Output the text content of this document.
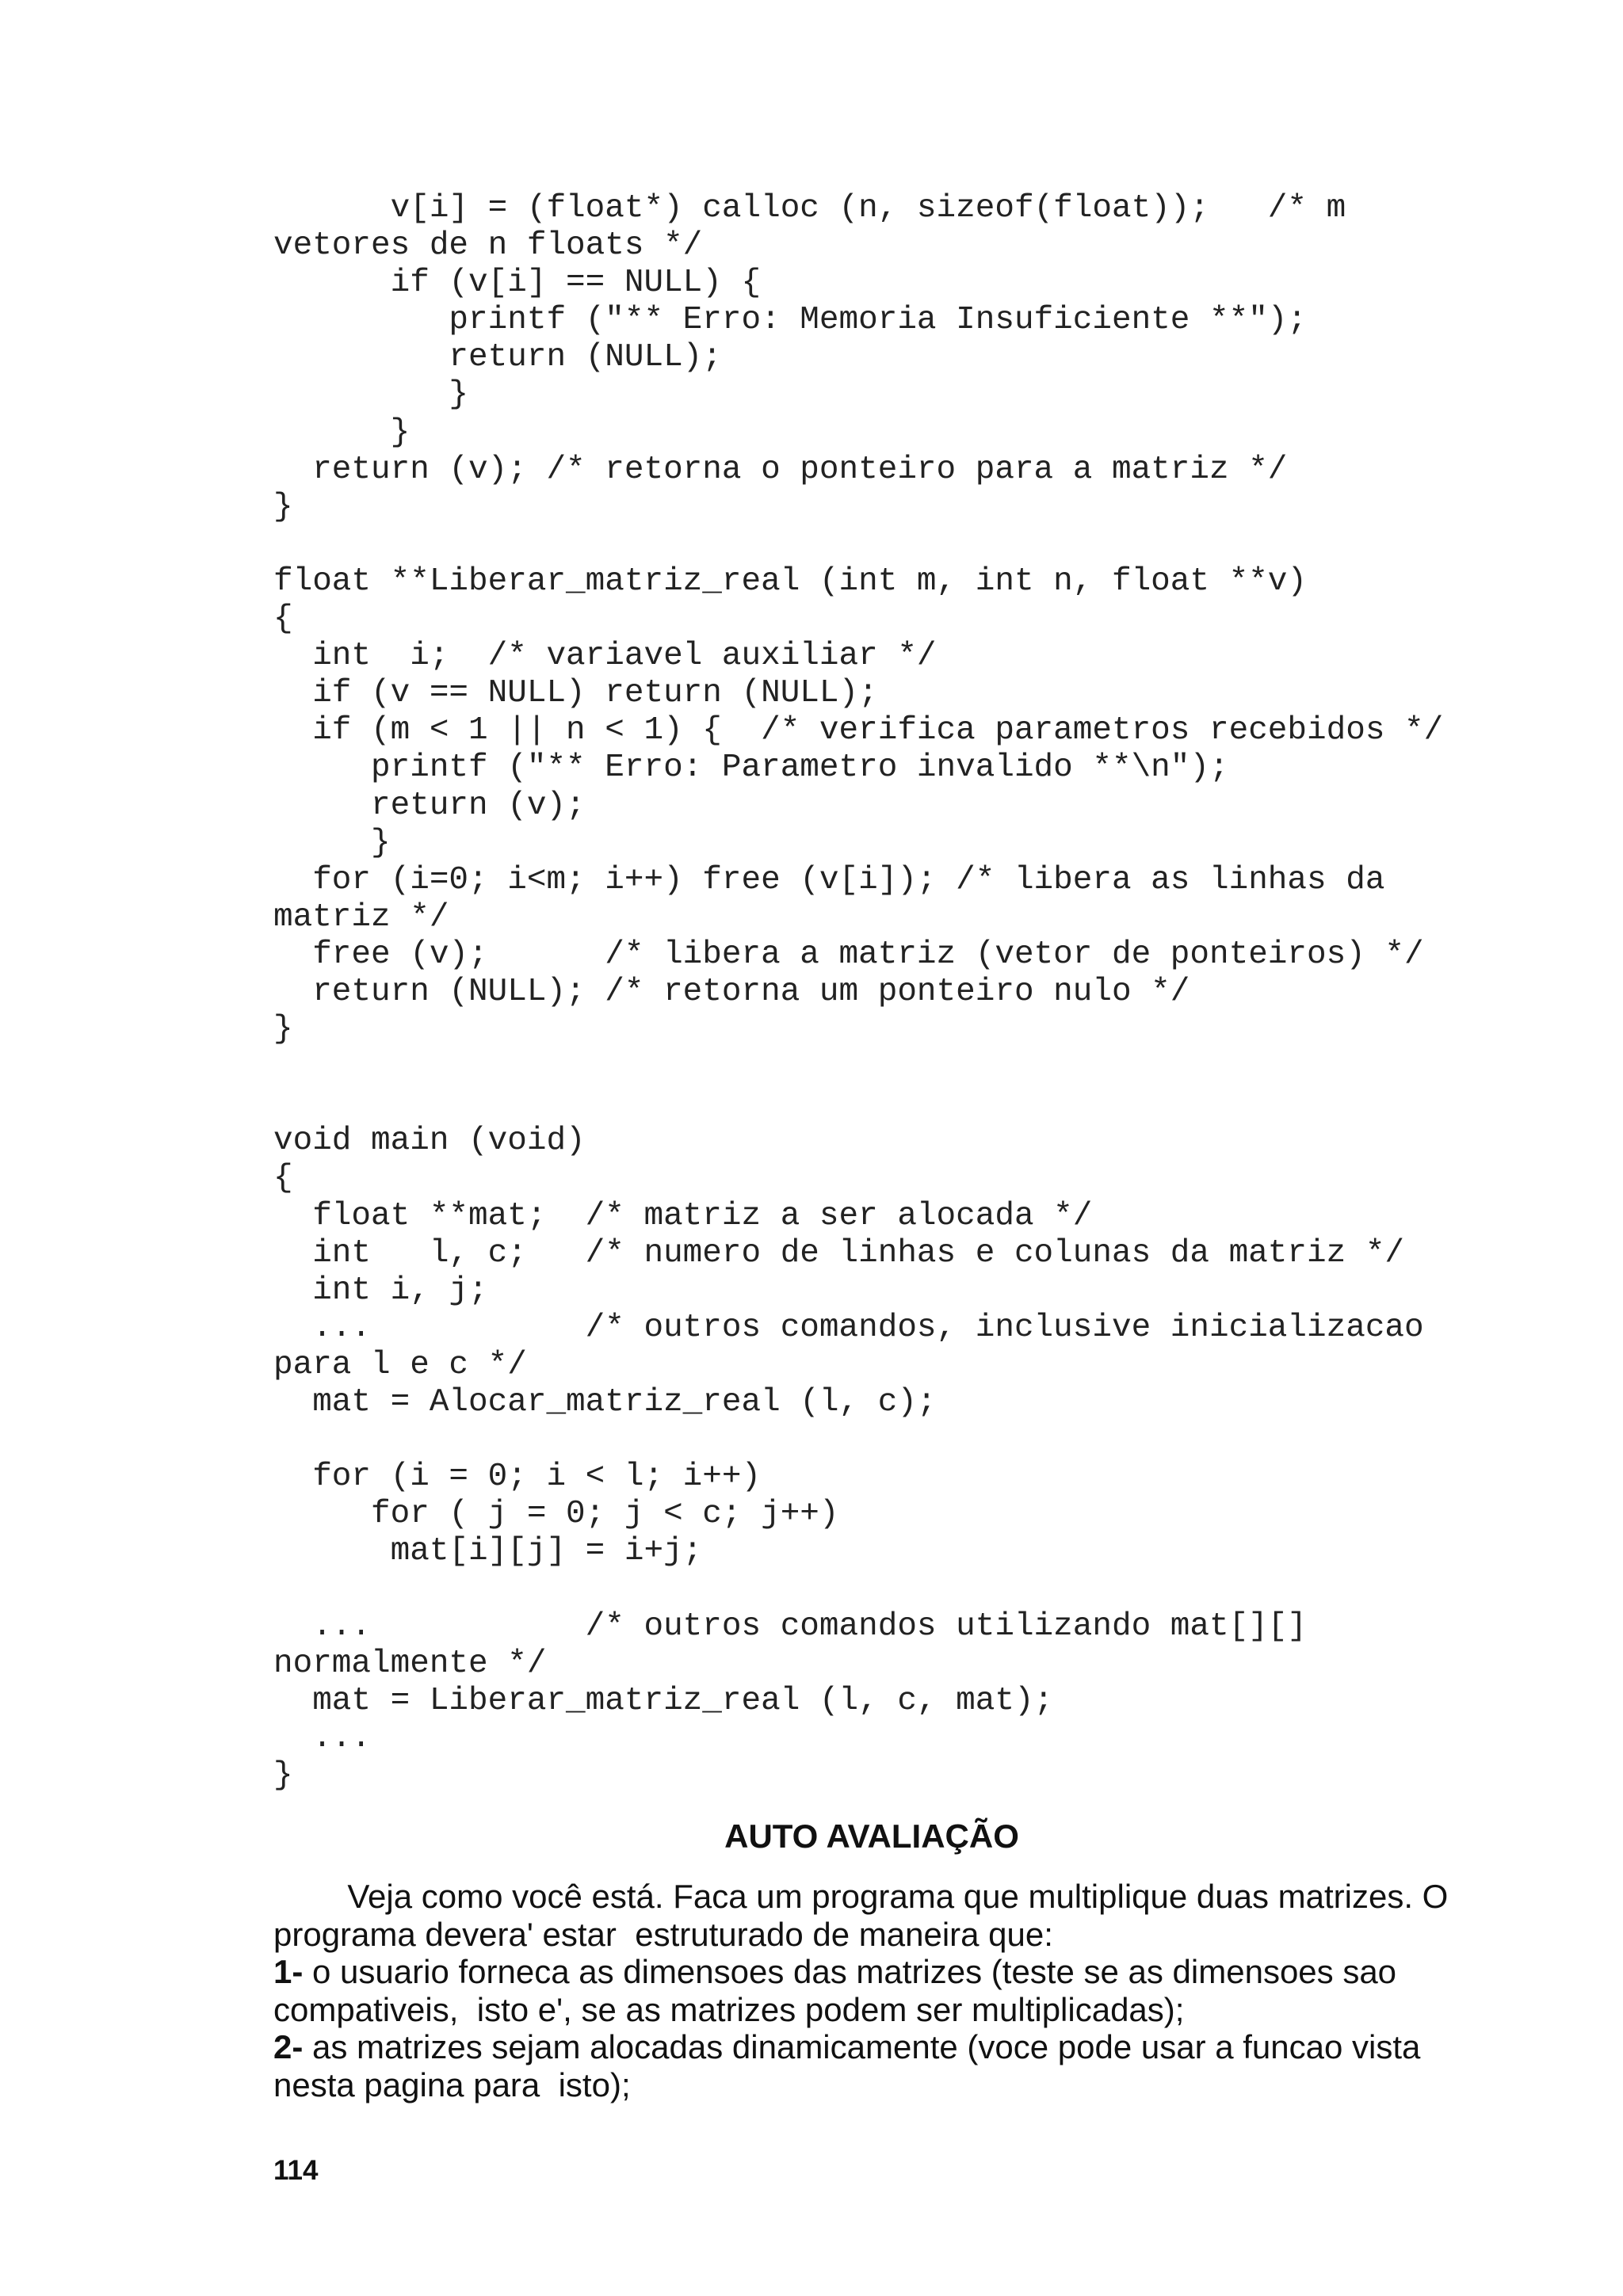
v[i] = (float*) calloc (n, sizeof(float));   /* m
vetores de n floats */
if (v[i] == NULL) {
printf ("** Erro: Memoria Insuficiente **");
return (NULL);
}
}
return (v); /* retorna o ponteiro para a matriz */
}
float **Liberar_matriz_real (int m, int n, float **v)
{
int  i;  /* variavel auxiliar */
if (v == NULL) return (NULL);
if (m < 1 || n < 1) {  /* verifica parametros recebidos */
printf ("** Erro: Parametro invalido **\n");
return (v);
}
for (i=0; i<m; i++) free (v[i]); /* libera as linhas da
matriz */
free (v);      /* libera a matriz (vetor de ponteiros) */
return (NULL); /* retorna um ponteiro nulo */
}
void main (void)
{
float **mat;  /* matriz a ser alocada */
int   l, c;   /* numero de linhas e colunas da matriz */
int i, j;
...           /* outros comandos, inclusive inicializacao
para l e c */
mat = Alocar_matriz_real (l, c);
for (i = 0; i < l; i++)
for ( j = 0; j < c; j++)
mat[i][j] = i+j;
...           /* outros comandos utilizando mat[][]
normalmente */
mat = Liberar_matriz_real (l, c, mat);
...
}
AUTO AVALIAÇÃO
Veja como você está. Faca um programa que multiplique duas matrizes. O
programa devera' estar  estruturado de maneira que:
1- o usuario forneca as dimensoes das matrizes (teste se as dimensoes sao
compativeis,  isto e', se as matrizes podem ser multiplicadas);
2- as matrizes sejam alocadas dinamicamente (voce pode usar a funcao vista
nesta pagina para  isto);
114
